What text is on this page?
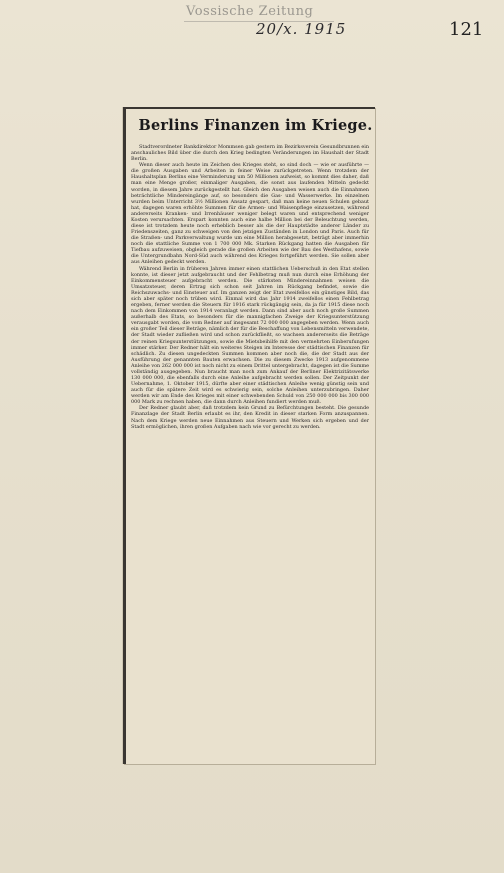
Vossische Zeitung
20/x. 1915	121
Berlins Finanzen im Kriege.

Stadtverordneter Bankdirektor Mommsen gab gestern im Bezirksverein Gesundbrunnen ein anschauliches Bild über die durch den Krieg bedingten Veränderungen im Haushalt der Stadt Berlin.

Wenn dieser auch heute im Zeichen des Krieges steht, so sind doch — wie er ausführte — die großen Ausgaben und Arbeiten in feiner Weise zurückgetreten. Wenn trotzdem der Haushaltsplan Berlins eine Verminderung um 50 Millionen aufweist, so kommt dies daher, daß man eine Menge großer, einmaliger Ausgaben, die sonst aus laufenden Mitteln gedeckt worden, in diesem Jahre zurückgestellt hat. Gleich den Ausgaben weisen auch die Einnahmen beträchtliche Mindereingänge auf, so besonders die Gas- und Wasserwerke. Im einzelnen wurden beim Unterricht 3½ Millionen Ansatz gespart, daß man keine neuen Schulen gebaut hat, dagegen waren erhöhte Summen für die Armen- und Waisenpflege einzusetzen, während andererseits Kranken- und Irrenhäuser weniger belegt waren und entsprechend weniger Kosten verursachten. Erspart konnten auch eine halbe Million bei der Beleuchtung werden, diese ist trotzdem heute noch erheblich besser als die der Hauptstädte anderer Länder zu Friedenszeiten, ganz zu schweigen von den jetzigen Zuständen in London und Paris. Auch für die Straßen- und Parkverwaltung wurde um eine Million herabgesetzt, beträgt aber immerhin noch die stattliche Summe von 1 700 000 Mk. Starken Rückgang hatten die Ausgaben für Tiefbau aufzuweisen, obgleich gerade die großen Arbeiten wie der Bau des Westhafens, sowie die Untergrundbahn Nord-Süd auch während des Krieges fortgeführt werden. Sie sollen aber aus Anleihen gedeckt werden.

Während Berlin in früheren Jahren immer einen stattlichen Ueberschuß in den Etat stellen konnte, ist dieser jetzt aufgebraucht und der Fehlbetrag muß nun durch eine Erhöhung der Einkommensteuer aufgebracht werden. Die stärksten Mindereinnahmen weisen die Umsatzsteuer, deren Ertrag sich schon seit Jahren im Rückgang befindet, sowie die Reichszuwachs- und Einsteuer auf. Im ganzen zeigt der Etat zweifellos ein günstiges Bild, das sich aber später noch trüben wird. Einmal wird das Jahr 1914 zweifellos einen Fehlbetrag ergeben, ferner werden die Steuern für 1916 stark rückgängig sein, da ja für 1915 diese noch nach dem Einkommen von 1914 veranlagt werden. Dann sind aber auch noch große Summen außerhalb des Etats, so besonders für die mannigfachen Zweige der Kriegsunterstützung verausgabt worden, die vom Redner auf insgesamt 72 000 000 angegeben werden. Wenn auch ein großer Teil dieser Beträge, nämlich der für die Beschaffung von Lebensmitteln verwendete, der Stadt wieder zufließen wird und schon zurückfließt, so wachsen andererseits die Beträge der reinen Kriegsunterstützungen, sowie die Mietsbeihilfe mit den vermehrten Einberufungen immer stärker. Der Redner hält ein weiteres Steigen im Interesse der städtischen Finanzen für schädlich. Zu diesen ungedeckten Summen kommen aber noch die, die der Stadt aus der Ausführung der genannten Bauten erwachsen. Die zu diesem Zwecke 1913 aufgenommene Anleihe von 262 000 000 ist noch nicht zu einem Drittel untergebracht, dagegen ist die Summe vollständig ausgegeben. Nun braucht man noch zum Ankauf der Berliner Elektrizitätswerke 130 000 000, die ebenfalls durch eine Anleihe aufgebracht werden sollen. Der Zeitpunkt der Uebernahme, 1. Oktober 1915, dürfte aber einer städtischen Anleihe wenig günstig sein und auch für die spätere Zeit wird es schwierig sein, solche Anleihen unterzubringen. Daher werden wir am Ende des Krieges mit einer schwebenden Schuld von 250 000 000 bis 300 000 000 Mark zu rechnen haben, die dann durch Anleihen fundiert werden muß.

Der Redner glaubt aber, daß trotzdem kein Grund zu Befürchtungen besteht. Die gesunde Finanzlage der Stadt Berlin erlaubt es ihr, den Kredit in dieser starken Form anzuspannen. Nach dem Kriege werden neue Einnahmen aus Steuern und Werken sich ergeben und der Stadt ermöglichen, ihren großen Aufgaben nach wie vor gerecht zu werden.
